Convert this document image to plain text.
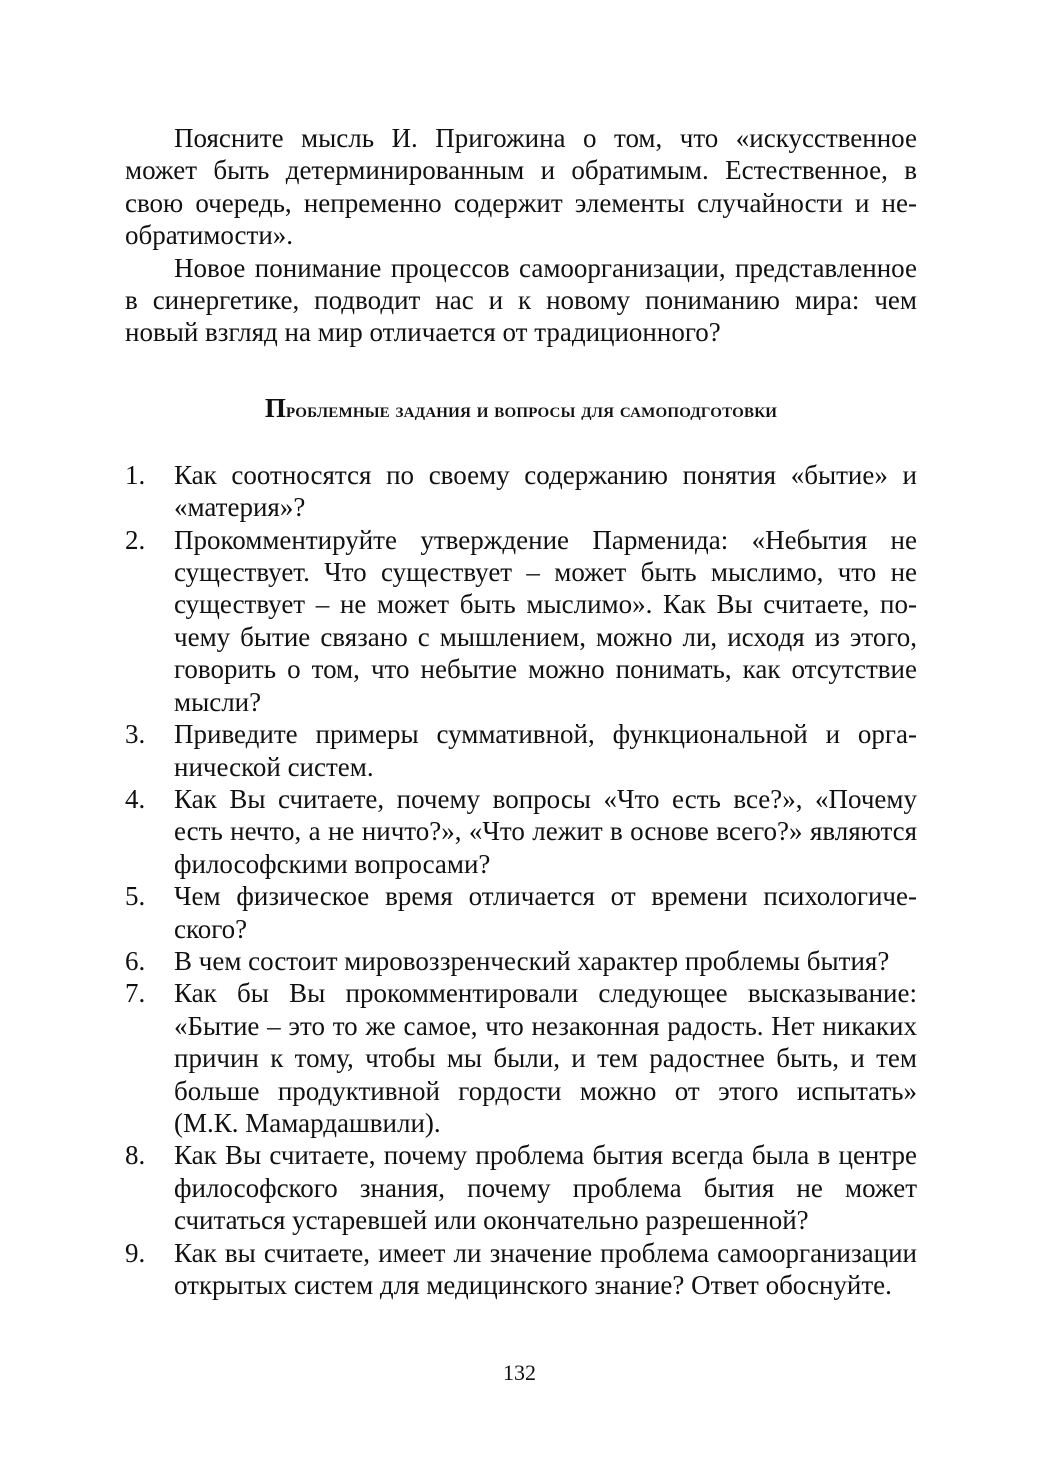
Поясните мысль И. Пригожина о том, что «искусственное может быть детерминированным и обратимым. Естественное, в свою очередь, непременно содержит элементы случайности и необратимости».

Новое понимание процессов самоорганизации, представленное в синергетике, подводит нас и к новому пониманию мира: чем новый взгляд на мир отличается от традиционного?

Проблемные задания и вопросы для самоподготовки
1. Как соотносятся по своему содержанию понятия «бытие» и «материя»?
2. Прокомментируйте утверждение Парменида: «Небытия не существует. Что существует – может быть мыслимо, что не существует – не может быть мыслимо». Как Вы считаете, почему бытие связано с мышлением, можно ли, исходя из этого, говорить о том, что небытие можно понимать, как отсутствие мысли?
3. Приведите примеры суммативной, функциональной и органической систем.
4. Как Вы считаете, почему вопросы «Что есть все?», «Почему есть нечто, а не ничто?», «Что лежит в основе всего?» являются философскими вопросами?
5. Чем физическое время отличается от времени психологического?
6. В чем состоит мировоззренческий характер проблемы бытия?
7. Как бы Вы прокомментировали следующее высказывание: «Бытие – это то же самое, что незаконная радость. Нет никаких причин к тому, чтобы мы были, и тем радостнее быть, и тем больше продуктивной гордости можно от этого испытать» (М.К. Мамардашвили).
8. Как Вы считаете, почему проблема бытия всегда была в центре философского знания, почему проблема бытия не может считаться устаревшей или окончательно разрешенной?
9. Как вы считаете, имеет ли значение проблема самоорганизации открытых систем для медицинского знание? Ответ обоснуйте.
132
